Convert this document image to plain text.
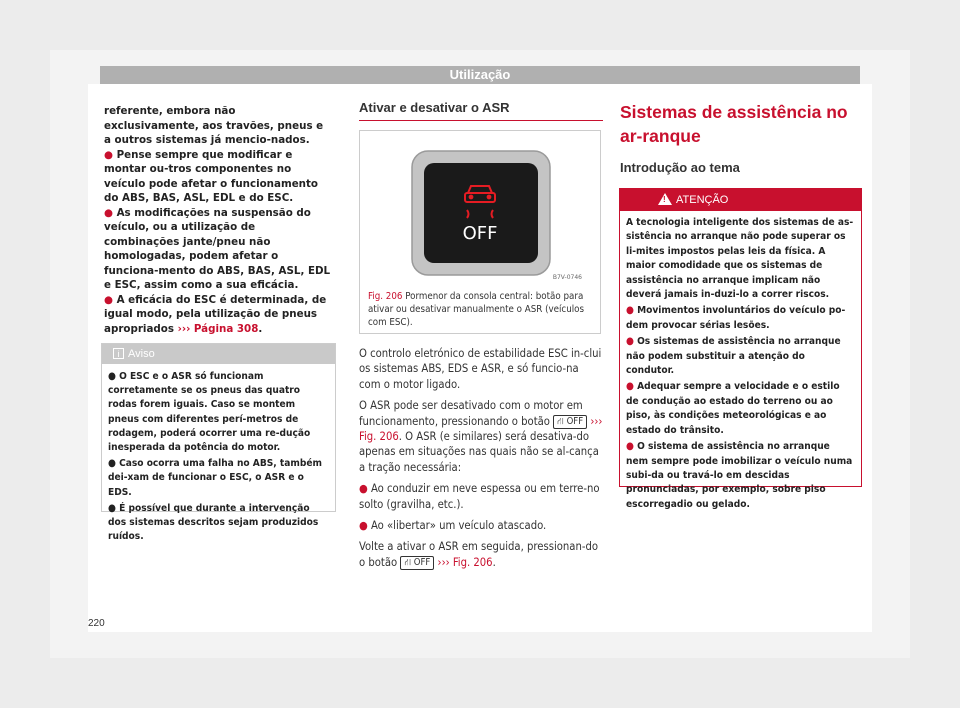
Utilização

referente, embora não exclusivamente, aos travões, pneus e a outros sistemas já mencio-nados.

● Pense sempre que modificar e montar ou-tros componentes no veículo pode afetar o funcionamento do ABS, BAS, ASL, EDL e do ESC.

● As modificações na suspensão do veículo, ou a utilização de combinações jante/pneu não homologadas, podem afetar o funciona-mento do ABS, BAS, ASL, EDL e ESC, assim como a sua eficácia.

● A eficácia do ESC é determinada, de igual modo, pela utilização de pneus apropriados ››› Página 308.

i Aviso

● O ESC e o ASR só funcionam corretamente se os pneus das quatro rodas forem iguais. Caso se montem pneus com diferentes perí-metros de rodagem, poderá ocorrer uma re-dução inesperada da potência do motor.

● Caso ocorra uma falha no ABS, também dei-xam de funcionar o ESC, o ASR e o EDS.

● É possível que durante a intervenção dos sistemas descritos sejam produzidos ruídos.

Ativar e desativar o ASR
OFF
B7V-0746
Fig. 206 Pormenor da consola central: botão para ativar ou desativar manualmente o ASR (veículos com ESC).

O controlo eletrónico de estabilidade ESC in-clui os sistemas ABS, EDS e ASR, e só funcio-na com o motor ligado.

O ASR pode ser desativado com o motor em funcionamento, pressionando o botão ⛙ OFF ››› Fig. 206. O ASR (e similares) será desativa-do apenas em situações nas quais não se al-cança a tração necessária:

● Ao conduzir em neve espessa ou em terre-no solto (gravilha, etc.).

● Ao «libertar» um veículo atascado.

Volte a ativar o ASR em seguida, pressionan-do o botão ⛙ OFF ››› Fig. 206.

Sistemas de assistência no ar-ranque
Introdução ao tema
! ATENÇÃO

A tecnologia inteligente dos sistemas de as-sistência no arranque não pode superar os li-mites impostos pelas leis da física. A maior comodidade que os sistemas de assistência no arranque implicam não deverá jamais in-duzi-lo a correr riscos.

● Movimentos involuntários do veículo po-dem provocar sérias lesões.

● Os sistemas de assistência no arranque não podem substituir a atenção do condutor.

● Adequar sempre a velocidade e o estilo de condução ao estado do terreno ou ao piso, às condições meteorológicas e ao estado do trânsito.

● O sistema de assistência no arranque nem sempre pode imobilizar o veículo numa subi-da ou travá-lo em descidas pronunciadas, por exemplo, sobre piso escorregadio ou gelado.

220
